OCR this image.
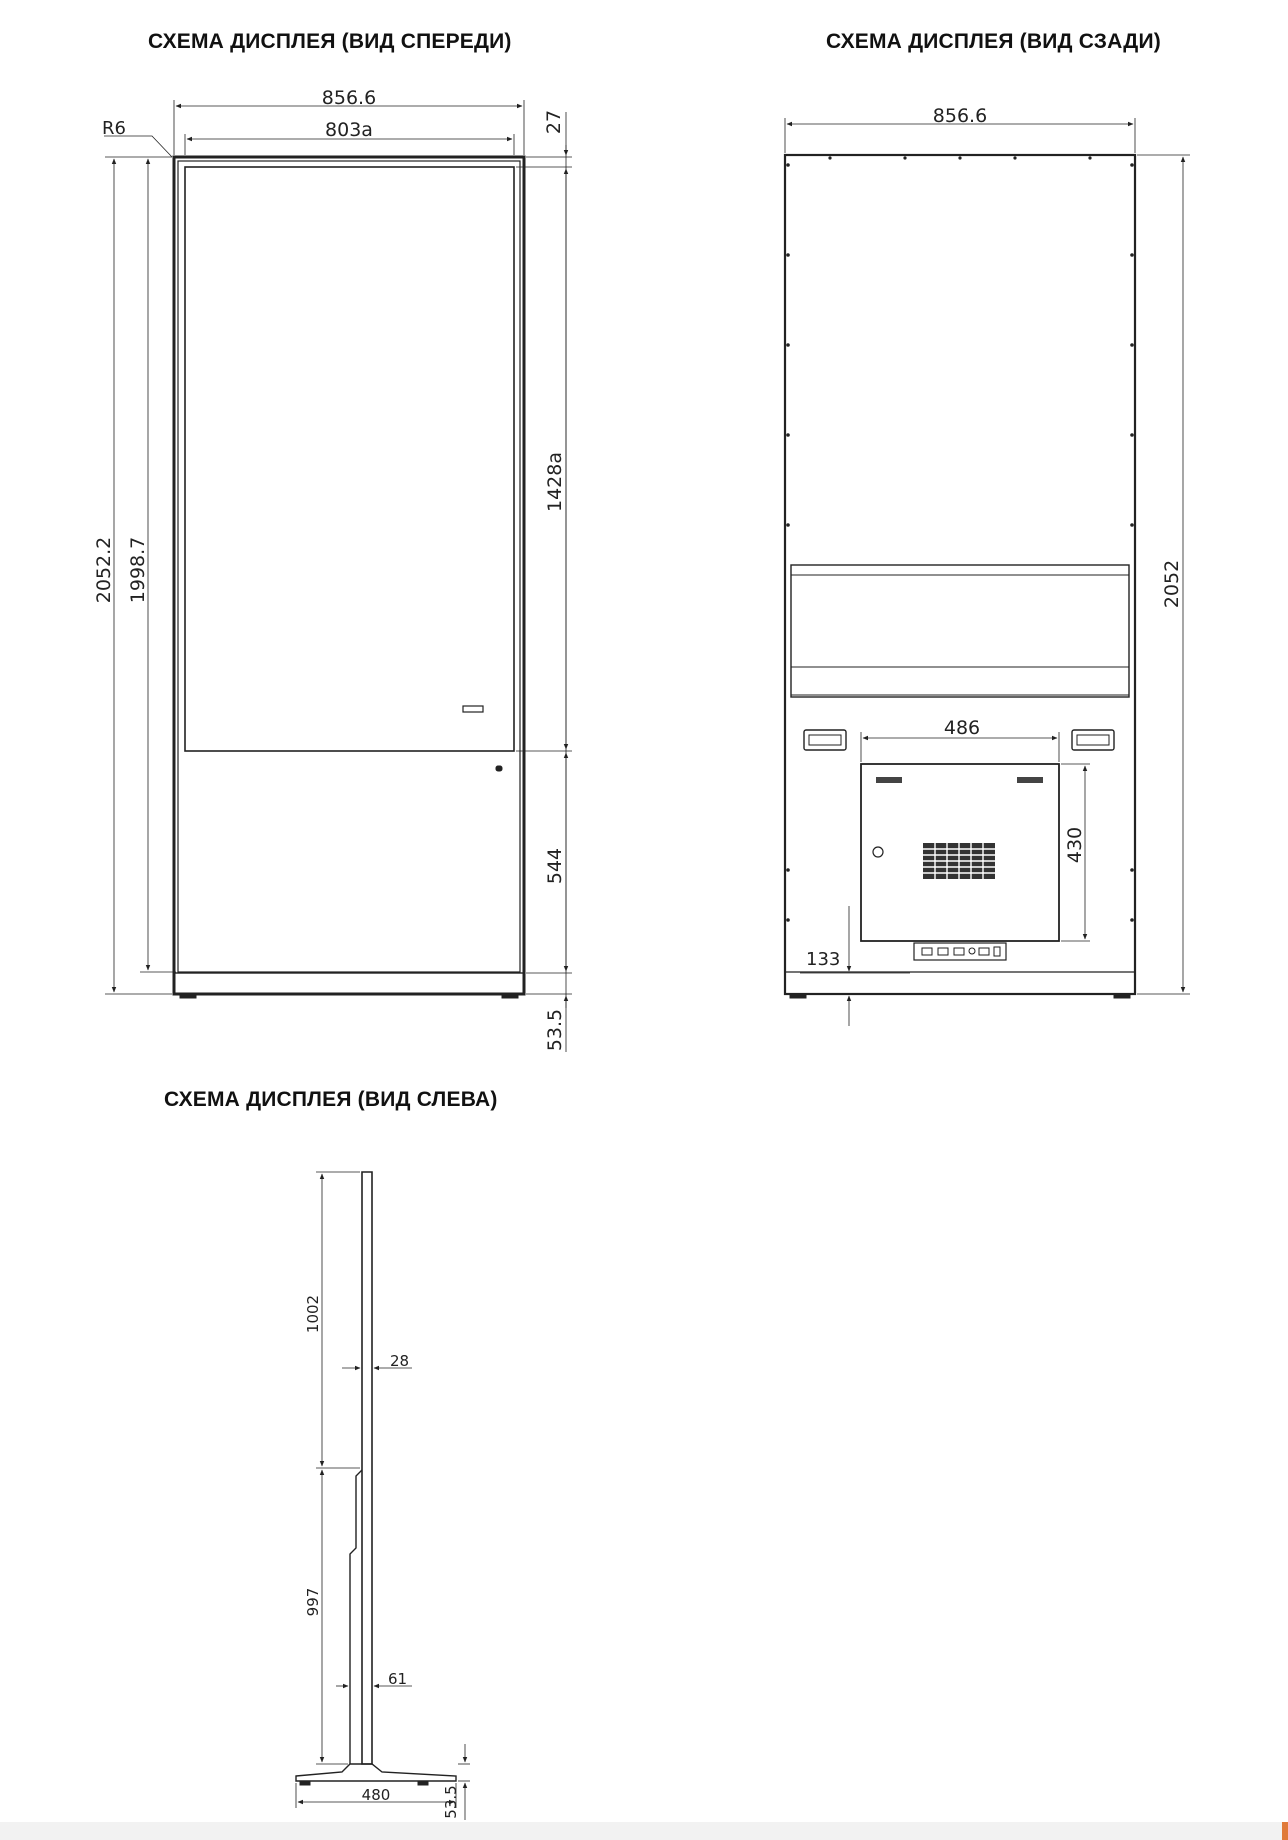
СХЕМА ДИСПЛЕЯ (ВИД СПЕРЕДИ)	СХЕМА ДИСПЛЕЯ (ВИД СЗАДИ)
СХЕМА ДИСПЛЕЯ (ВИД СЛЕВА)
856.6
803a
R6
2052.2 1998.7
27
1428a
544
53.5
856.6
2052
486
430
133
1002
28
997
61
480	53.5
